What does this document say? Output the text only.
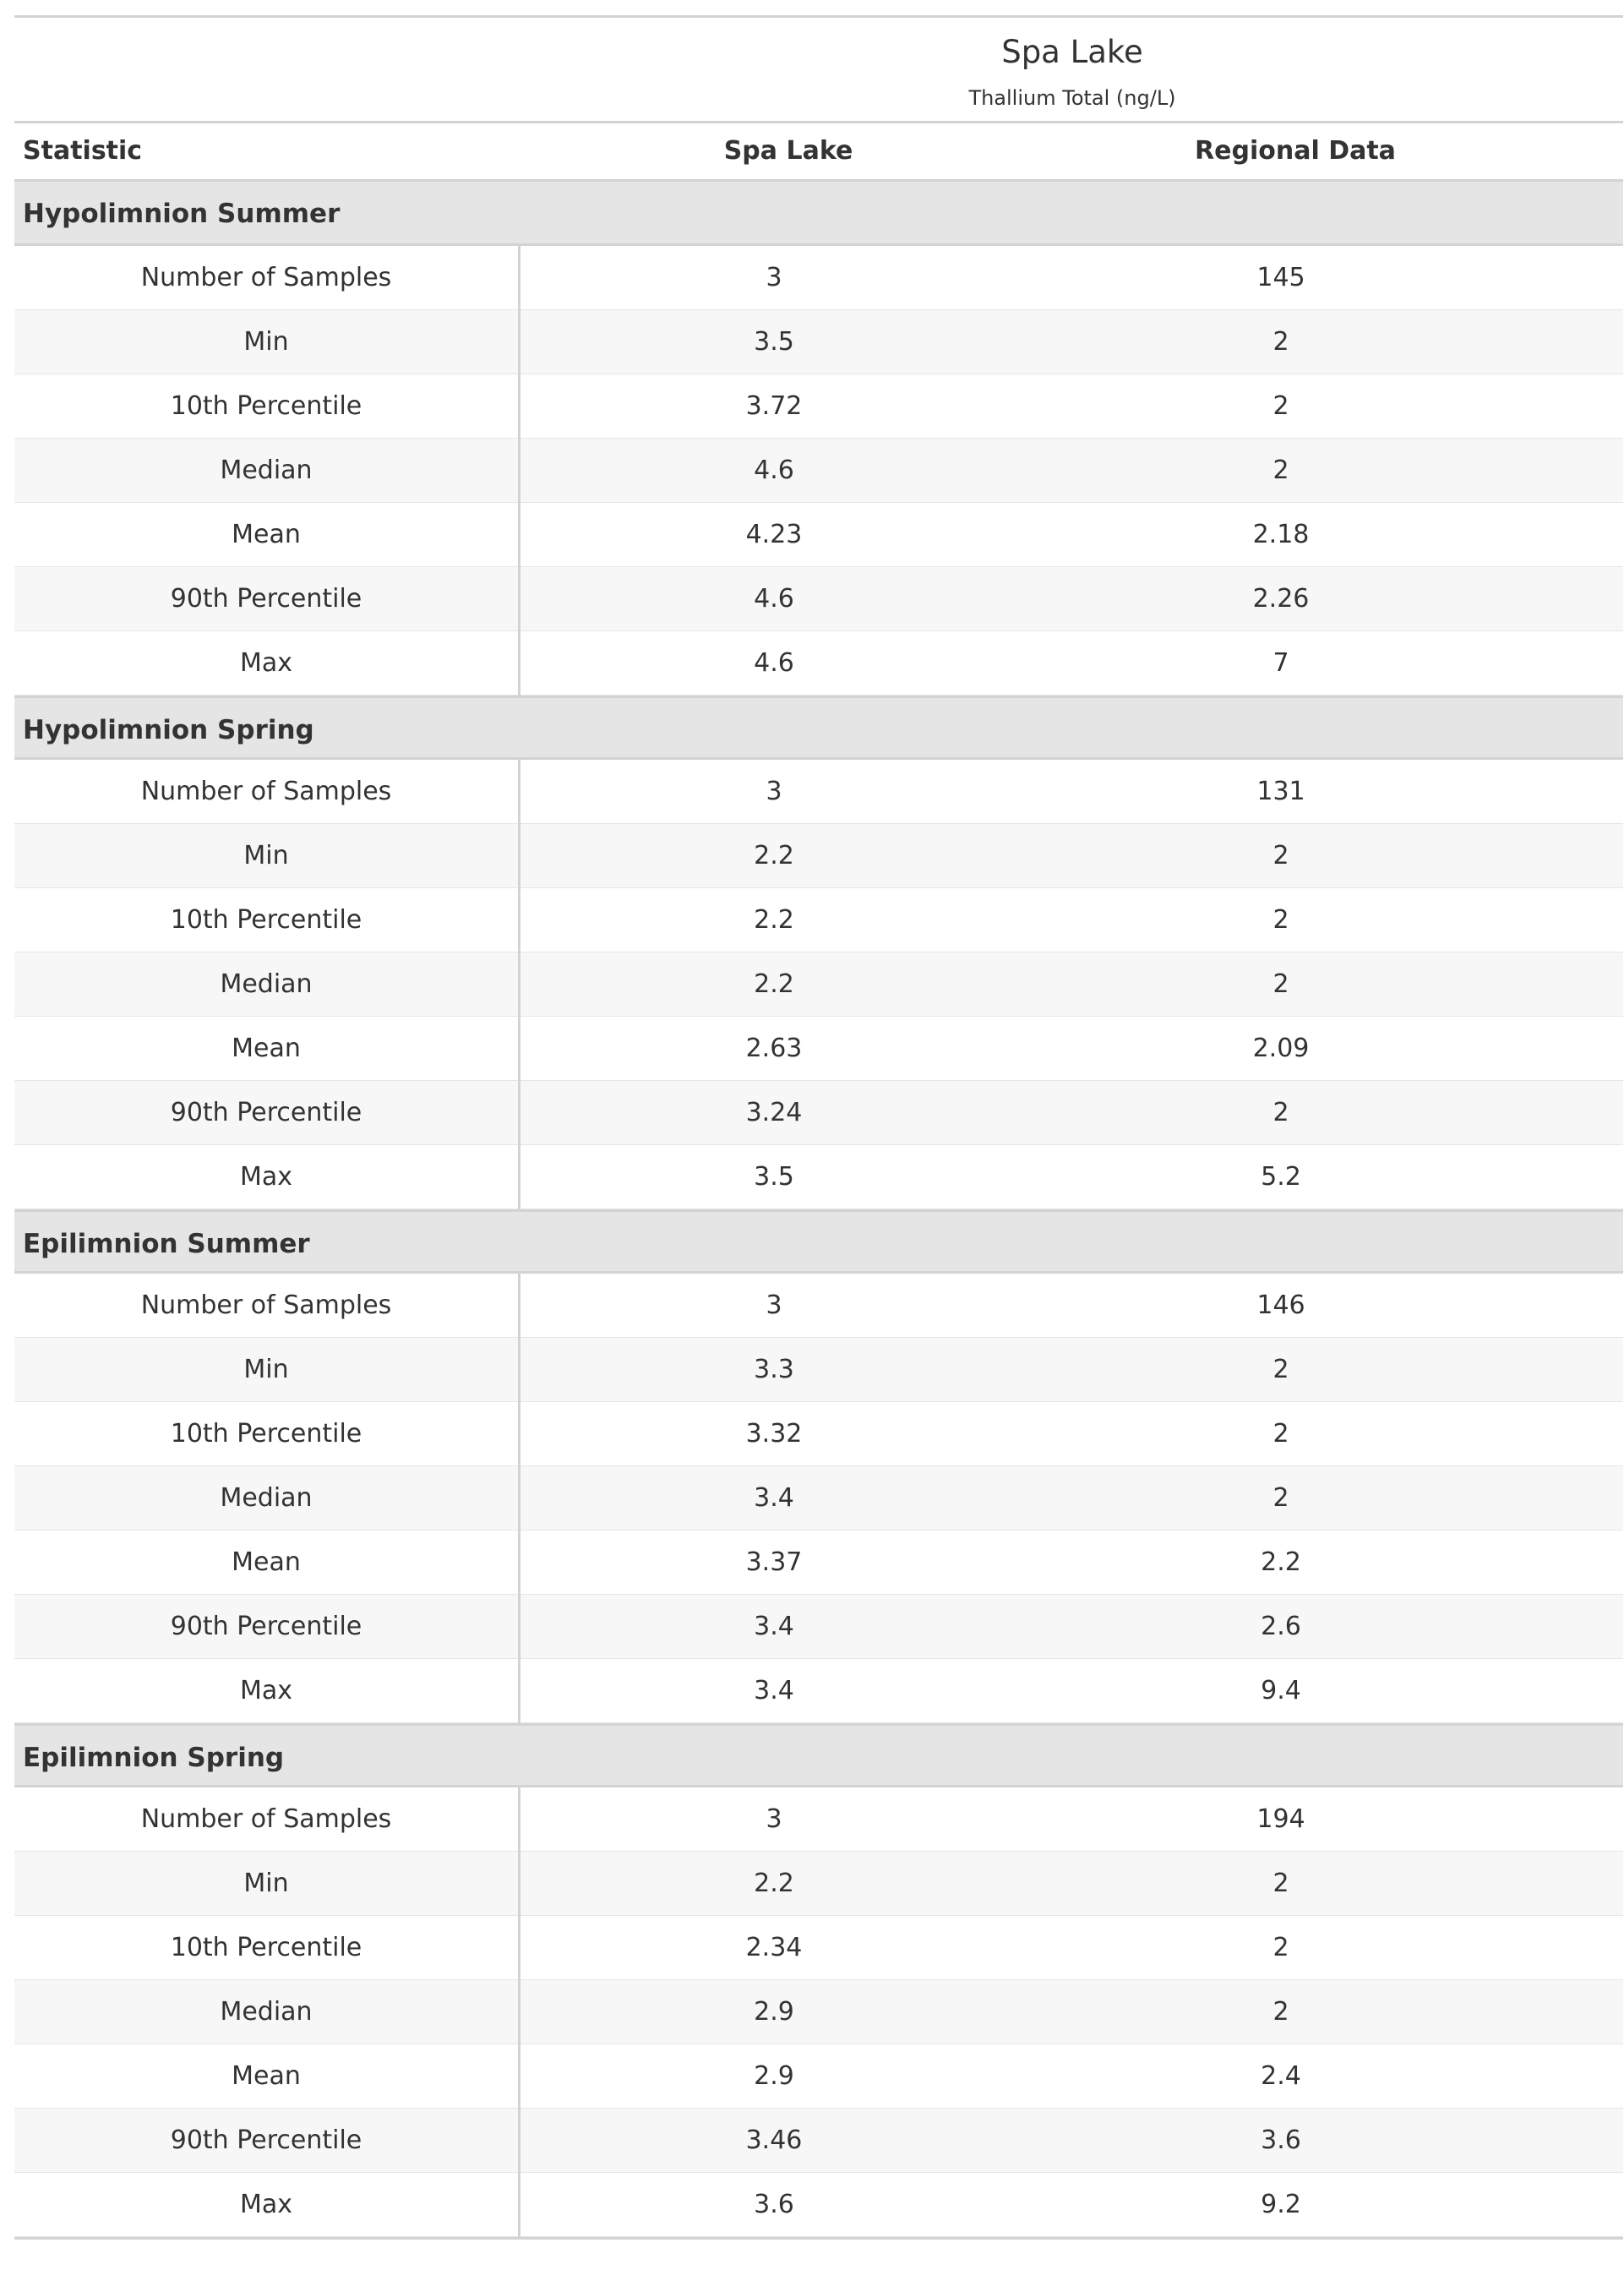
Spa Lake
Thallium Total (ng/L)
Statistic	Spa Lake	Regional Data
Hypolimnion Summer
Number of Samples	3	145
Min	3.5	2
10th Percentile	3.72	2
Median	4.6	2
Mean	4.23	2.18
90th Percentile	4.6	2.26
Max	4.6	7
Hypolimnion Spring
Number of Samples	3	131
Min	2.2	2
10th Percentile	2.2	2
Median	2.2	2
Mean	2.63	2.09
90th Percentile	3.24	2
Max	3.5	5.2
Epilimnion Summer
Number of Samples	3	146
Min	3.3	2
10th Percentile	3.32	2
Median	3.4	2
Mean	3.37	2.2
90th Percentile	3.4	2.6
Max	3.4	9.4
Epilimnion Spring
Number of Samples	3	194
Min	2.2	2
10th Percentile	2.34	2
Median	2.9	2
Mean	2.9	2.4
90th Percentile	3.46	3.6
Max	3.6	9.2
